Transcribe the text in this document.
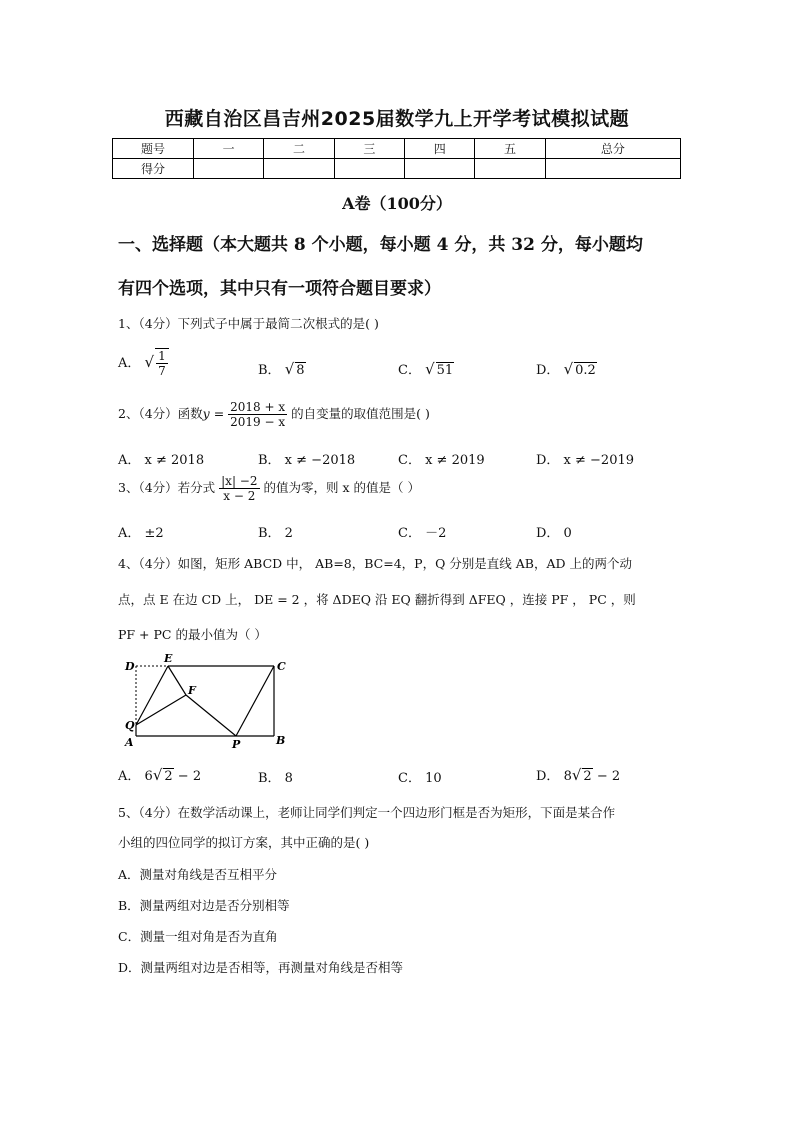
西藏自治区昌吉州2025届数学九上开学考试模拟试题
题号	一	二	三	四	五	总分
得分						
A卷（100分）
一、选择题（本大题共 8 个小题，每小题 4 分，共 32 分，每小题均
有四个选项，其中只有一项符合题目要求）
1、（4分）下列式子中属于最简二次根式的是( )
A． √ $\frac{1}{7}$	B． √ 8	C． √ 51	D． √ 0.2
2、（4分）函数$y = \frac{2018 + x}{2019 - x}$ 的自变量的取值范围是( )
A． x ≠ 2018	B． x ≠ −2018	C． x ≠ 2019	D． x ≠ −2019
3、（4分）若分式 $\frac{|x| -2}{x - 2}$ 的值为零，则 x 的值是（ ）
A． ±2	B． 2	C． －2	D． 0
4、（4分）如图，矩形 ABCD 中， AB=8，BC=4，P，Q 分别是直线 AB，AD 上的两个动
点，点 E 在边 CD 上， DE = 2 ，将 ΔDEQ 沿 EQ 翻折得到 ΔFEQ ，连接 PF ， PC ，则
PF + PC 的最小值为（ ）
D
E
C
F
Q
A	P	B
A． 6√ 2 − 2	B． 8	C． 10	D． 8√ 2 − 2
5、（4分）在数学活动课上，老师让同学们判定一个四边形门框是否为矩形，下面是某合作
小组的四位同学的拟订方案，其中正确的是( )
A．测量对角线是否互相平分
B．测量两组对边是否分别相等
C．测量一组对角是否为直角
D．测量两组对边是否相等，再测量对角线是否相等
